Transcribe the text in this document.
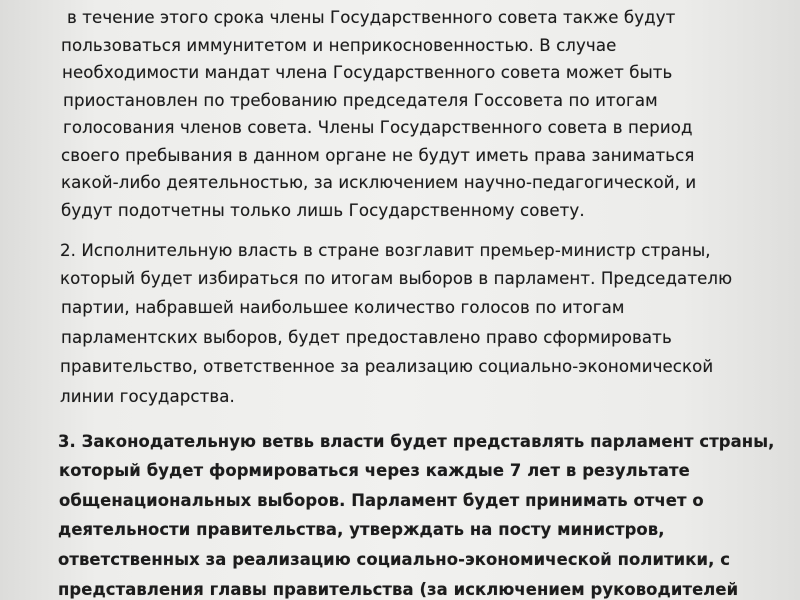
в течение этого срока члены Государственного совета также будут
пользоваться иммунитетом и неприкосновенностью. В случае
необходимости мандат члена Государственного совета может быть
приостановлен по требованию председателя Госсовета по итогам
голосования членов совета. Члены Государственного совета в период
своего пребывания в данном органе не будут иметь права заниматься
какой-либо деятельностью, за исключением научно-педагогической, и
будут подотчетны только лишь Государственному совету.
2. Исполнительную власть в стране возглавит премьер-министр страны,
который будет избираться по итогам выборов в парламент. Председателю
партии, набравшей наибольшее количество голосов по итогам
парламентских выборов, будет предоставлено право сформировать
правительство, ответственное за реализацию социально-экономической
линии государства.
3. Законодательную ветвь власти будет представлять парламент страны,
который будет формироваться через каждые 7 лет в результате
общенациональных выборов. Парламент будет принимать отчет о
деятельности правительства, утверждать на посту министров,
ответственных за реализацию социально-экономической политики, с
представления главы правительства (за исключением руководителей
